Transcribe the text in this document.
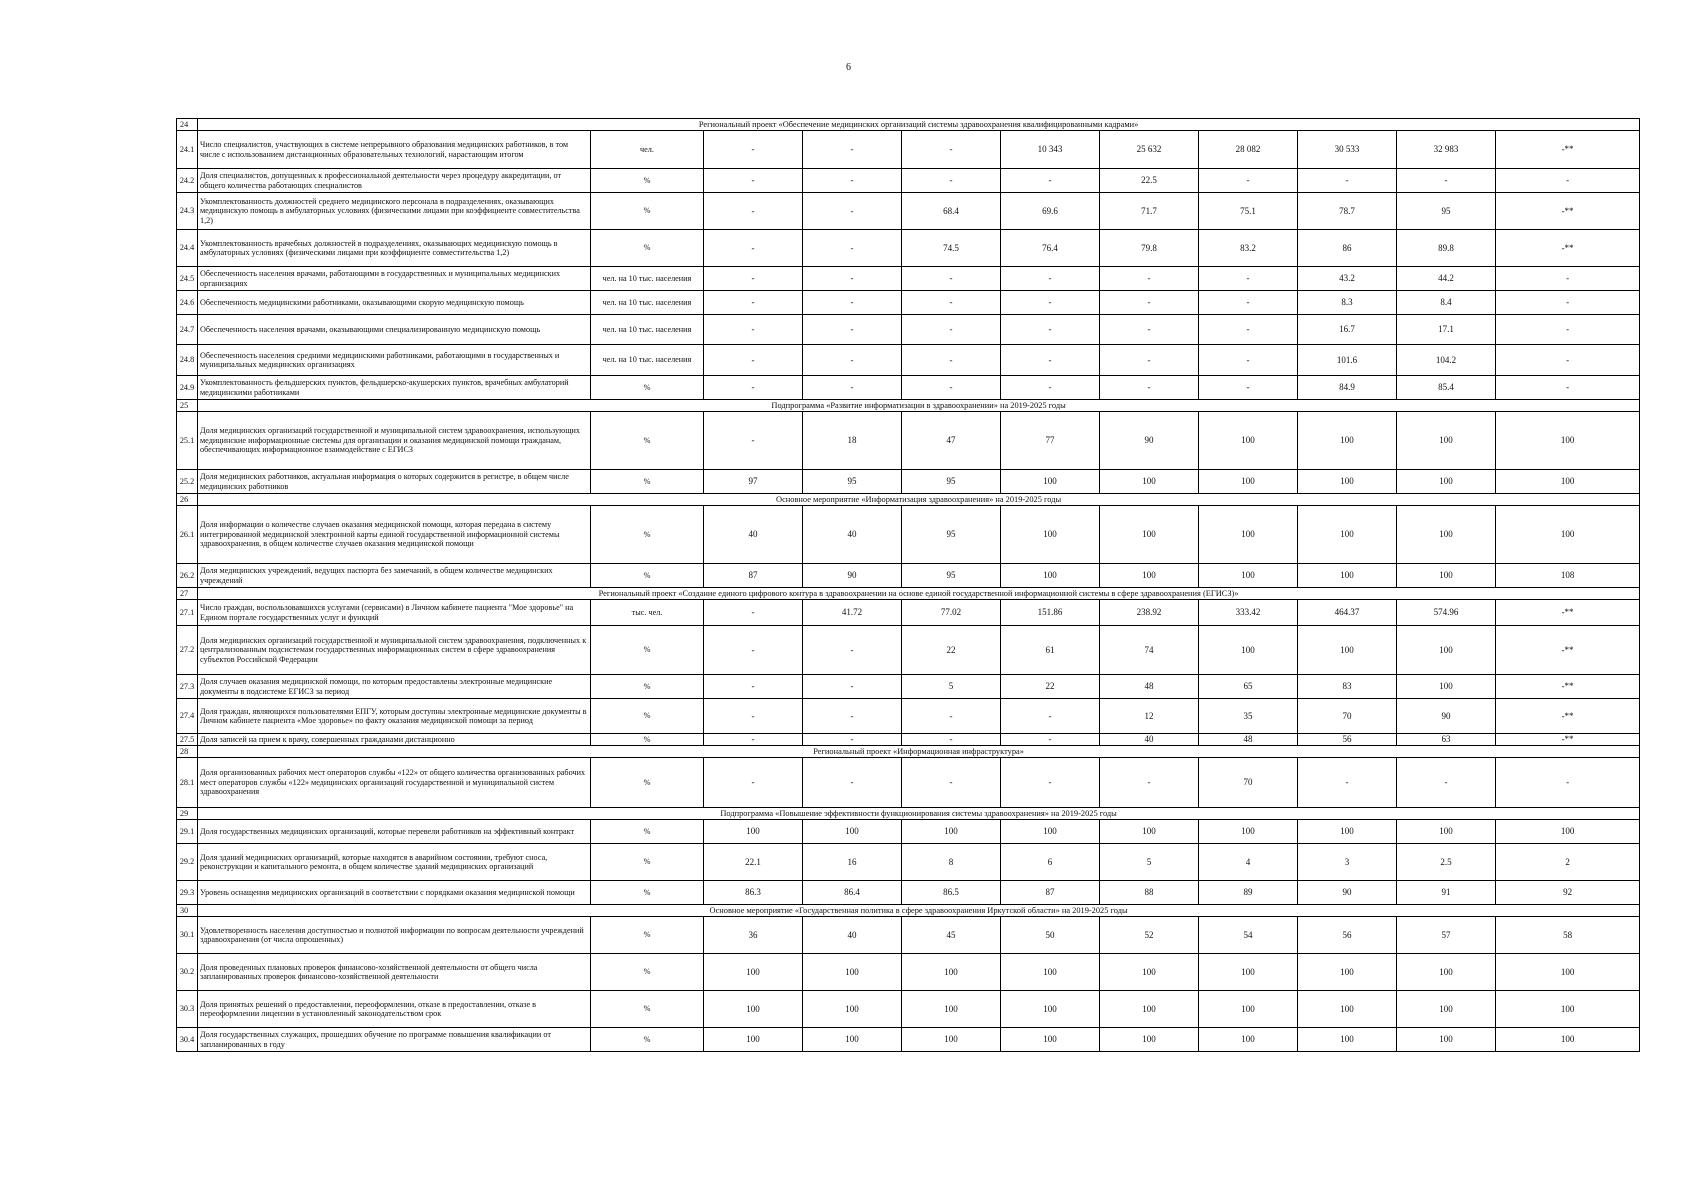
6
24	Региональный проект «Обеспечение медицинских организаций системы здравоохранения квалифицированными кадрами»										
24.1	Число специалистов, участвующих в системе непрерывного образования медицинских работников, в том числе с использованием дистанционных образовательных технологий, нарастающим итогом	чел.	-	-	-	10 343	25 632	28 082	30 533	32 983	-**
24.2	Доля специалистов, допущенных к профессиональной деятельности через процедуру аккредитации, от общего количества работающих специалистов	%	-	-	-	-	22.5	-	-	-	-
24.3	Укомплектованность должностей среднего медицинского персонала в подразделениях, оказывающих медицинскую помощь в амбулаторных условиях (физическими лицами при коэффициенте совместительства 1,2)	%	-	-	68.4	69.6	71.7	75.1	78.7	95	-**
24.4	Укомплектованность врачебных должностей в подразделениях, оказывающих медицинскую помощь в амбулаторных условиях (физическими лицами при коэффициенте совместительства 1,2)	%	-	-	74.5	76.4	79.8	83.2	86	89.8	-**
24.5	Обеспеченность населения врачами, работающими в государственных и муниципальных медицинских организациях	чел. на 10 тыс. населения	-	-	-	-	-	-	43.2	44.2	-
24.6	Обеспеченность медицинскими работниками, оказывающими скорую медицинскую помощь	чел. на 10 тыс. населения	-	-	-	-	-	-	8.3	8.4	-
24.7	Обеспеченность населения врачами, оказывающими специализированную медицинскую помощь	чел. на 10 тыс. населения	-	-	-	-	-	-	16.7	17.1	-
24.8	Обеспеченность населения средними медицинскими работниками, работающими в государственных и муниципальных медицинских организациях	чел. на 10 тыс. населения	-	-	-	-	-	-	101.6	104.2	-
24.9	Укомплектованность фельдшерских пунктов, фельдшерско-акушерских пунктов, врачебных амбулаторий медицинскими работниками	%	-	-	-	-	-	-	84.9	85.4	-
25	Подпрограмма «Развитие информатизации в здравоохранении» на 2019-2025 годы										
25.1	Доля медицинских организаций государственной и муниципальной систем здравоохранения, использующих медицинские информационные системы для организации и оказания медицинской помощи гражданам, обеспечивающих информационное взаимодействие с ЕГИСЗ	%	-	18	47	77	90	100	100	100	100
25.2	Доля медицинских работников, актуальная информация о которых содержится в регистре, в общем числе медицинских работников	%	97	95	95	100	100	100	100	100	100
26	Основное мероприятие «Информатизация здравоохранения» на 2019-2025 годы										
26.1	Доля информации о количестве случаев оказания медицинской помощи, которая передана в систему интегрированной медицинской электронной карты единой государственной информационной системы здравоохранения, в общем количестве случаев оказания медицинской помощи	%	40	40	95	100	100	100	100	100	100
26.2	Доля медицинских учреждений, ведущих паспорта без замечаний, в общем количестве медицинских учреждений	%	87	90	95	100	100	100	100	100	108
27	Региональный проект «Создание единого цифрового контура в здравоохранении на основе единой государственной информационной системы в сфере здравоохранения (ЕГИСЗ)»										
27.1	Число граждан, воспользовавшихся услугами (сервисами) в Личном кабинете пациента "Мое здоровье" на Едином портале государственных услуг и функций	тыс. чел.	-	41.72	77.02	151.86	238.92	333.42	464.37	574.96	-**
27.2	Доля медицинских организаций государственной и муниципальной систем здравоохранения, подключенных к централизованным подсистемам государственных информационных систем в сфере здравоохранения субъектов Российской Федерации	%	-	-	22	61	74	100	100	100	-**
27.3	Доля случаев оказания медицинской помощи, по которым предоставлены электронные медицинские документы в подсистеме ЕГИСЗ за период	%	-	-	5	22	48	65	83	100	-**
27.4	Доля граждан, являющихся пользователями ЕПГУ, которым доступны электронные медицинские документы в Личном кабинете пациента «Мое здоровье» по факту оказания медицинской помощи за период	%	-	-	-	-	12	35	70	90	-**
27.5	Доля записей на прием к врачу, совершенных гражданами дистанционно	%	-	-	-	-	40	48	56	63	-**
28	Региональный проект «Информационная инфраструктура»										
28.1	Доля организованных рабочих мест операторов службы «122» от общего количества организованных рабочих мест операторов службы «122» медицинских организаций государственной и муниципальной систем здравоохранения	%	-	-	-	-	-	70	-	-	-
29	Подпрограмма «Повышение эффективности функционирования системы здравоохранения» на 2019-2025 годы										
29.1	Доля государственных медицинских организаций, которые перевели работников на эффективный контракт	%	100	100	100	100	100	100	100	100	100
29.2	Доля зданий медицинских организаций, которые находятся в аварийном состоянии, требуют сноса, реконструкции и капитального ремонта, в общем количестве зданий медицинских организаций	%	22.1	16	8	6	5	4	3	2.5	2
29.3	Уровень оснащения медицинских организаций в соответствии с порядками оказания медицинской помощи	%	86.3	86.4	86.5	87	88	89	90	91	92
30	Основное мероприятие «Государственная политика в сфере здравоохранения Иркутской области» на 2019-2025 годы										
30.1	Удовлетворенность населения доступностью и полнотой информации по вопросам деятельности учреждений здравоохранения (от числа опрошенных)	%	36	40	45	50	52	54	56	57	58
30.2	Доля проведенных плановых проверок финансово-хозяйственной деятельности от общего числа запланированных проверок финансово-хозяйственной деятельности	%	100	100	100	100	100	100	100	100	100
30.3	Доля принятых решений о предоставлении, переоформлении, отказе в предоставлении, отказе в переоформлении лицензии в установленный законодательством срок	%	100	100	100	100	100	100	100	100	100
30.4	Доля государственных служащих, прошедших обучение по программе повышения квалификации от запланированных в году	%	100	100	100	100	100	100	100	100	100
